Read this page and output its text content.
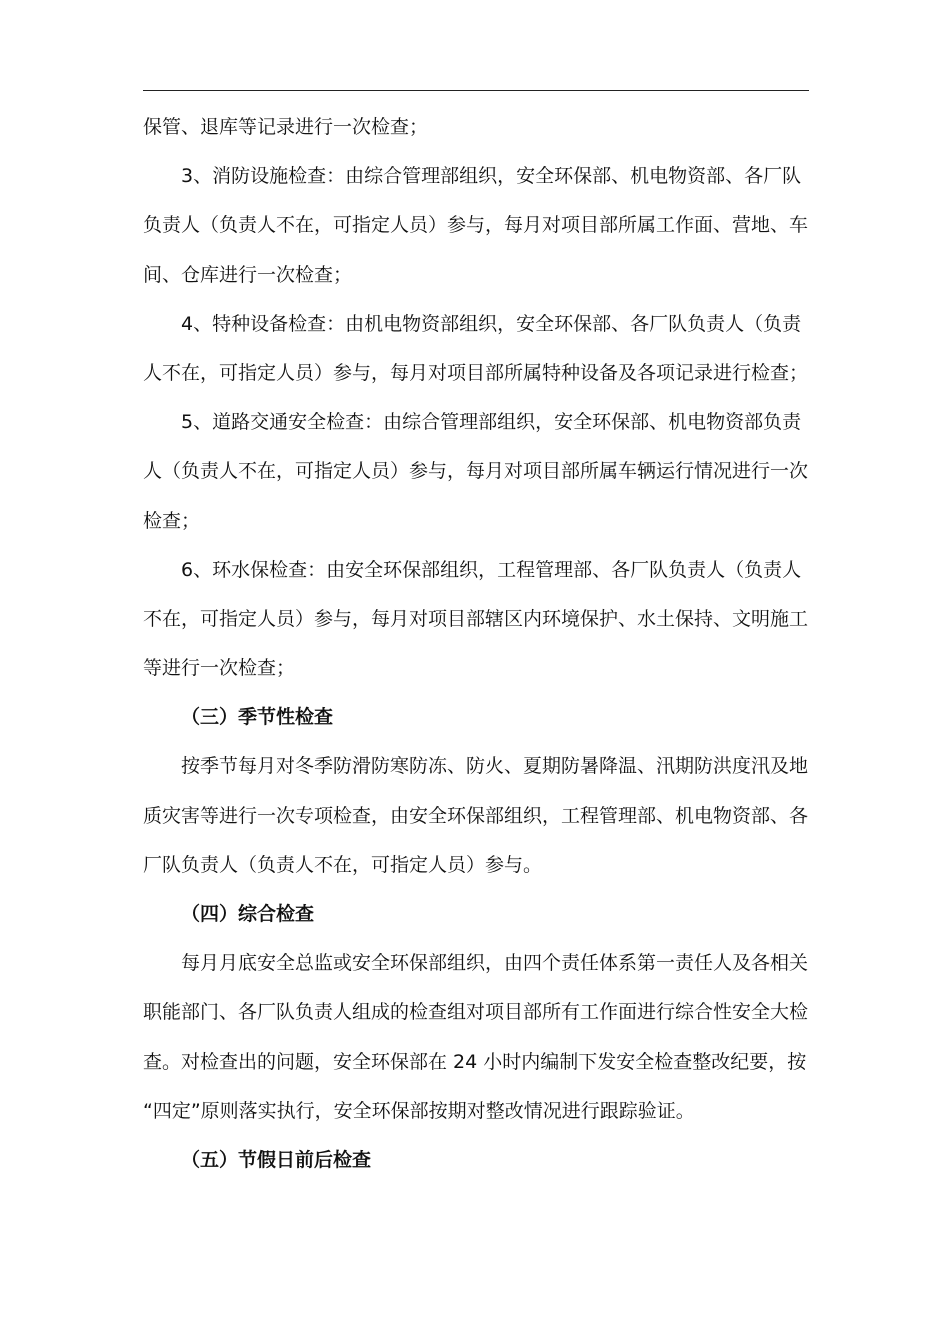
保管、退库等记录进行一次检查；
3、消防设施检查：由综合管理部组织，安全环保部、机电物资部、各厂队
负责人（负责人不在，可指定人员）参与，每月对项目部所属工作面、营地、车
间、仓库进行一次检查；
4、特种设备检查：由机电物资部组织，安全环保部、各厂队负责人（负责
人不在，可指定人员）参与，每月对项目部所属特种设备及各项记录进行检查；
5、道路交通安全检查：由综合管理部组织，安全环保部、机电物资部负责
人（负责人不在，可指定人员）参与，每月对项目部所属车辆运行情况进行一次
检查；
6、环水保检查：由安全环保部组织，工程管理部、各厂队负责人（负责人
不在，可指定人员）参与，每月对项目部辖区内环境保护、水土保持、文明施工
等进行一次检查；
（三）季节性检查
按季节每月对冬季防滑防寒防冻、防火、夏期防暑降温、汛期防洪度汛及地
质灾害等进行一次专项检查，由安全环保部组织，工程管理部、机电物资部、各
厂队负责人（负责人不在，可指定人员）参与。
（四）综合检查
每月月底安全总监或安全环保部组织，由四个责任体系第一责任人及各相关
职能部门、各厂队负责人组成的检查组对项目部所有工作面进行综合性安全大检
查。对检查出的问题，安全环保部在 24 小时内编制下发安全检查整改纪要，按
“四定”原则落实执行，安全环保部按期对整改情况进行跟踪验证。
（五）节假日前后检查
